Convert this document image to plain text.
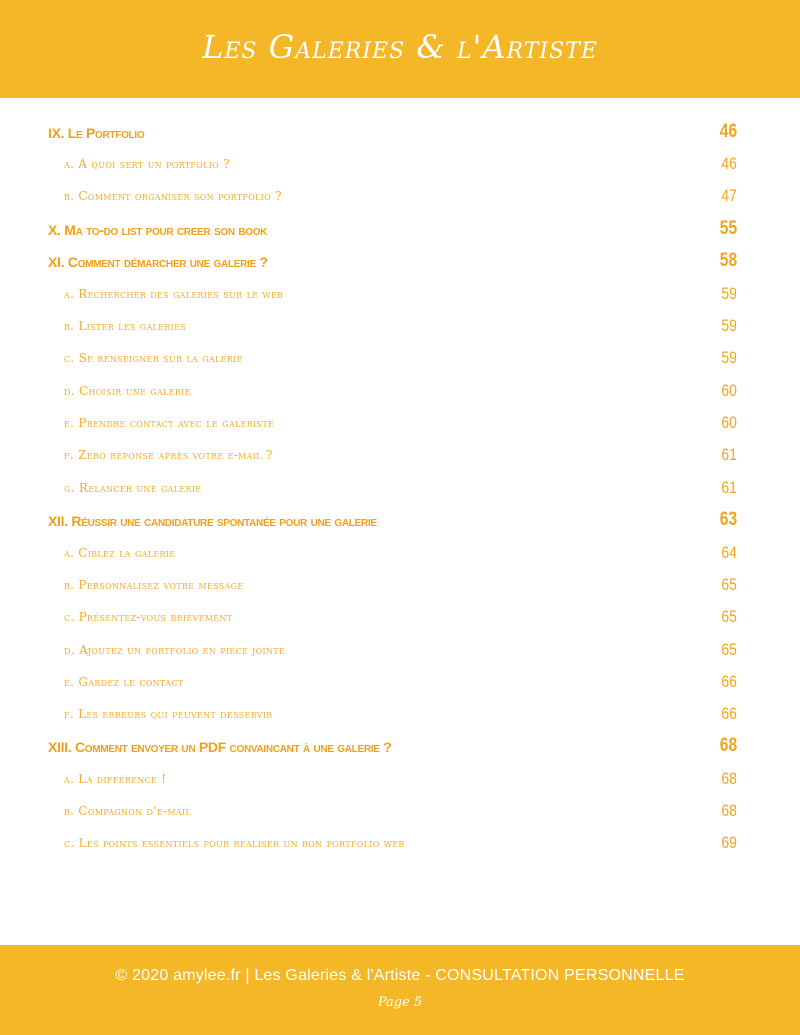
Les Galeries & l'Artiste
IX. Le Portfolio	46
a. A quoi sert un portfolio ?	46
b. Comment organiser son portfolio ?	47
X. Ma to-do list pour creer son book	55
XI. Comment démarcher une galerie ?	58
a. Rechercher des galeries sur le web	59
b. Lister les galeries	59
c. Se renseigner sur la galerie	59
d. Choisir une galerie	60
e. Prendre contact avec le galeriste	60
f. Zéro réponse après votre e-mail ?	61
g. Relancer une galerie	61
XII. Réussir une candidature spontanée pour une galerie	63
a. Ciblez la galerie	64
b. Personnalisez votre message	65
c. Présentez-vous brièvement	65
d. Ajoutez un portfolio en pièce jointe	65
e. Gardez le contact	66
f. Les erreurs qui peuvent desservir	66
XIII. Comment envoyer un PDF convaincant à une galerie ?	68
a. La différence !	68
b. Compagnon d'e-mail	68
c. Les points essentiels pour réaliser un bon portfolio web	69
© 2020 amylee.fr | Les Galeries & l'Artiste - CONSULTATION PERSONNELLE
Page 5
